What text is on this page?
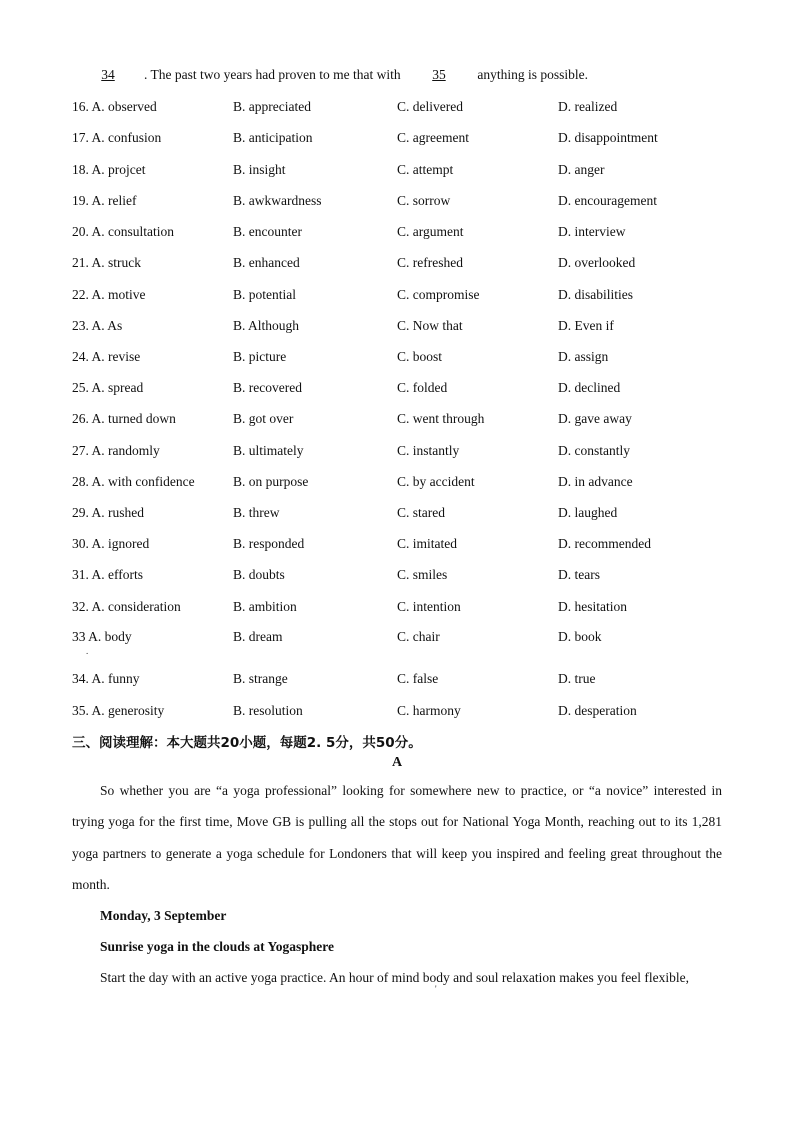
34 . The past two years had proven to me that with 35 anything is possible.
16. A. observed	B. appreciated	C. delivered	D. realized
17. A. confusion	B. anticipation	C. agreement	D. disappointment
18. A. projcet	B. insight	C. attempt	D. anger
19. A. relief	B. awkwardness	C. sorrow	D. encouragement
20. A. consultation	B. encounter	C. argument	D. interview
21. A. struck	B. enhanced	C. refreshed	D. overlooked
22. A. motive	B. potential	C. compromise	D. disabilities
23. A. As	B. Although	C. Now that	D. Even if
24. A. revise	B. picture	C. boost	D. assign
25. A. spread	B. recovered	C. folded	D. declined
26. A. turned down	B. got over	C. went through	D. gave away
27. A. randomly	B. ultimately	C. instantly	D. constantly
28. A. with confidence	B. on purpose	C. by accident	D. in advance
29. A. rushed	B. threw	C. stared	D. laughed
30. A. ignored	B. responded	C. imitated	D. recommended
31. A. efforts	B. doubts	C. smiles	D. tears
32. A. consideration	B. ambition	C. intention	D. hesitation
33 A. body	B. dream	C. chair	D. book
34. A. funny	B. strange	C. false	D. true
35. A. generosity	B. resolution	C. harmony	D. desperation
.
三、阅读理解：本大题共20小题，每题2. 5分，共50分。
A
So whether you are “a yoga professional” looking for somewhere new to practice, or “a novice” interested in trying yoga for the first time, Move GB is pulling all the stops out for National Yoga Month, reaching out to its 1,281 yoga partners to generate a yoga schedule for Londoners that will keep you inspired and feeling great throughout the month.
Monday, 3 September
Sunrise yoga in the clouds at Yogasphere
Start the day with an active yoga practice. An hour of mind body and soul relaxation makes you feel flexible,
'
